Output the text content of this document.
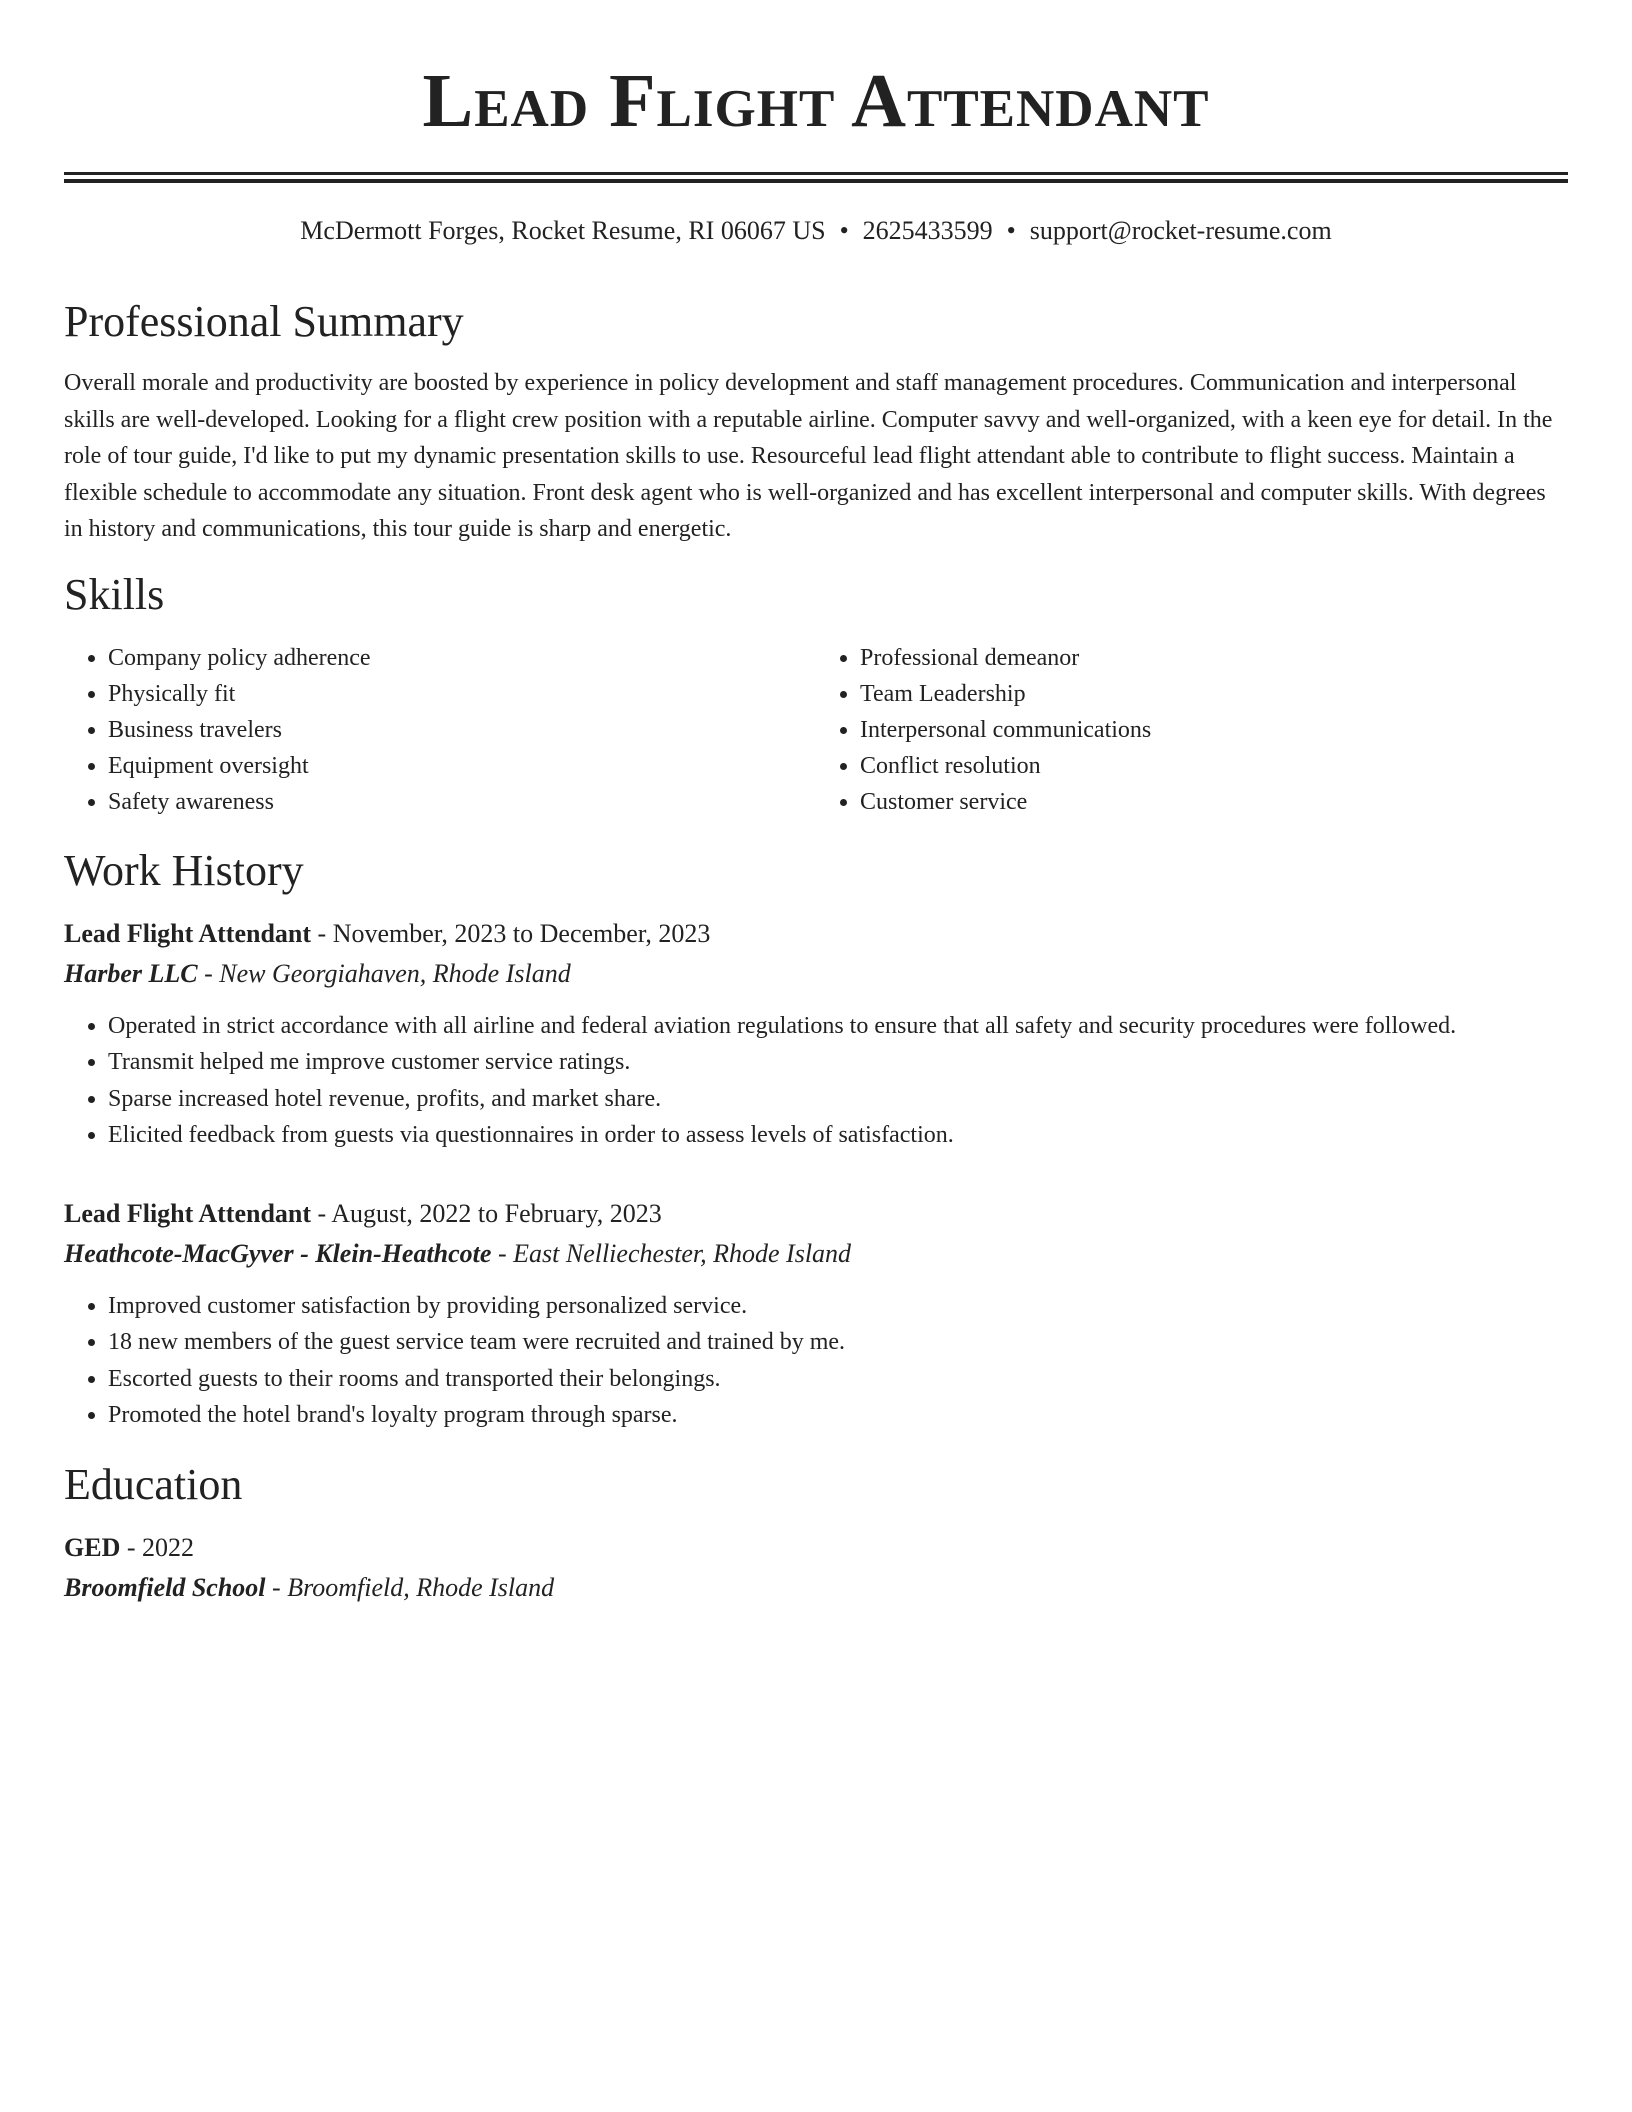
Lead Flight Attendant
McDermott Forges, Rocket Resume, RI 06067 US • 2625433599 • support@rocket-resume.com
Professional Summary

Overall morale and productivity are boosted by experience in policy development and staff management procedures. Communication and interpersonal skills are well-developed. Looking for a flight crew position with a reputable airline. Computer savvy and well-organized, with a keen eye for detail. In the role of tour guide, I'd like to put my dynamic presentation skills to use. Resourceful lead flight attendant able to contribute to flight success. Maintain a flexible schedule to accommodate any situation. Front desk agent who is well-organized and has excellent interpersonal and computer skills. With degrees in history and communications, this tour guide is sharp and energetic.

Skills
• Company policy adherence
• Physically fit
• Business travelers
• Equipment oversight
• Safety awareness
• Professional demeanor
• Team Leadership
• Interpersonal communications
• Conflict resolution
• Customer service
Work History
Lead Flight Attendant - November, 2023 to December, 2023
Harber LLC - New Georgiahaven, Rhode Island
• Operated in strict accordance with all airline and federal aviation regulations to ensure that all safety and security procedures were followed.
• Transmit helped me improve customer service ratings.
• Sparse increased hotel revenue, profits, and market share.
• Elicited feedback from guests via questionnaires in order to assess levels of satisfaction.
Lead Flight Attendant - August, 2022 to February, 2023
Heathcote-MacGyver - Klein-Heathcote - East Nelliechester, Rhode Island
• Improved customer satisfaction by providing personalized service.
• 18 new members of the guest service team were recruited and trained by me.
• Escorted guests to their rooms and transported their belongings.
• Promoted the hotel brand's loyalty program through sparse.
Education
GED - 2022
Broomfield School - Broomfield, Rhode Island
